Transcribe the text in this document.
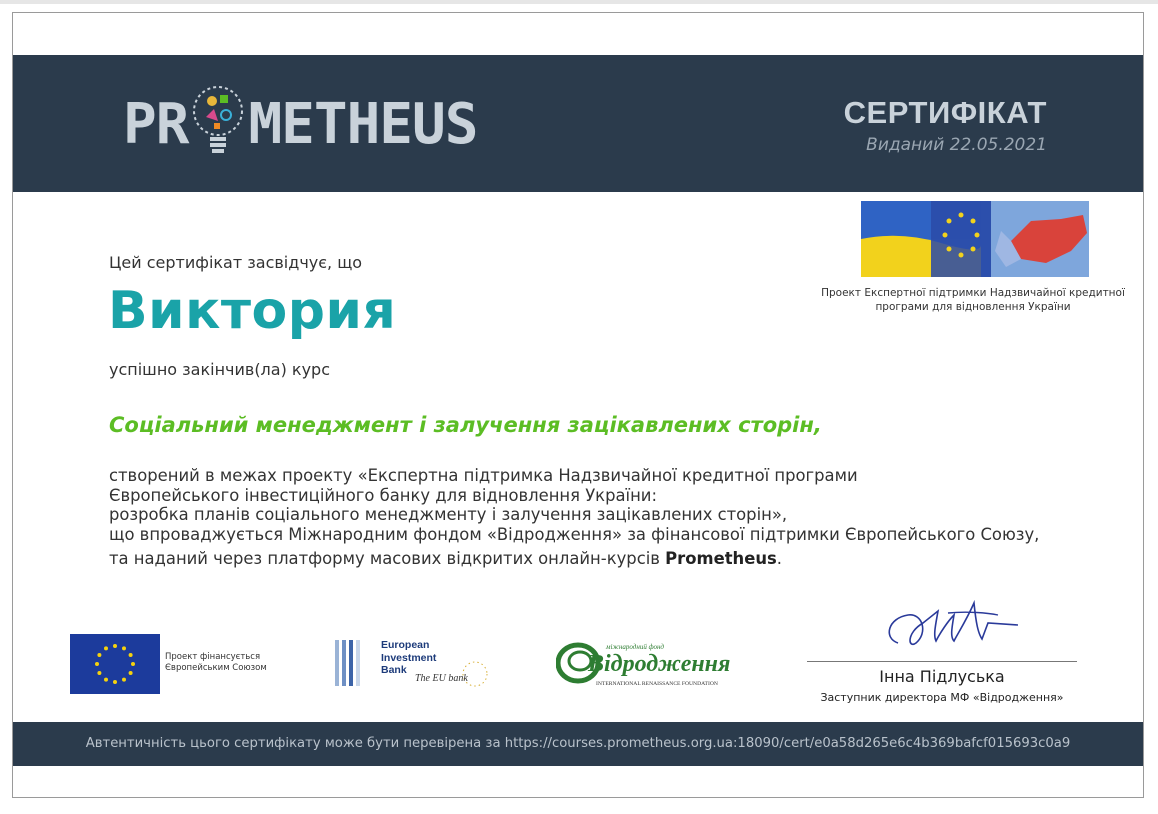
PR METHEUS	СЕРТИФІКАТ
Виданий 22.05.2021
Проект Експертної підтримки Надзвичайної кредитної
програми для відновлення України
Цей сертифікат засвідчує, що
Виктория
успішно закінчив(ла) курс
Соціальний менеджмент і залучення зацікавлених сторін,

створений в межах проекту «Експертна підтримка Надзвичайної кредитної програми

Європейського інвестиційного банку для відновлення України:

розробка планів соціального менеджменту і залучення зацікавлених сторін»,

що впроваджується Міжнародним фондом «Відродження» за фінансової підтримки Європейського Союзу,

та наданий через платформу масових відкритих онлайн-курсів Prometheus.

Проект фінансується
Європейським Союзом
European
Investment
Bank
The EU bank
міжнародний фонд
Відродження
INTERNATIONAL RENAISSANCE FOUNDATION	Інна Підлуська
Заступник директора МФ «Відродження»
Автентичність цього сертифікату може бути перевірена за https://courses.prometheus.org.ua:18090/cert/e0a58d265e6c4b369bafcf015693c0a9
